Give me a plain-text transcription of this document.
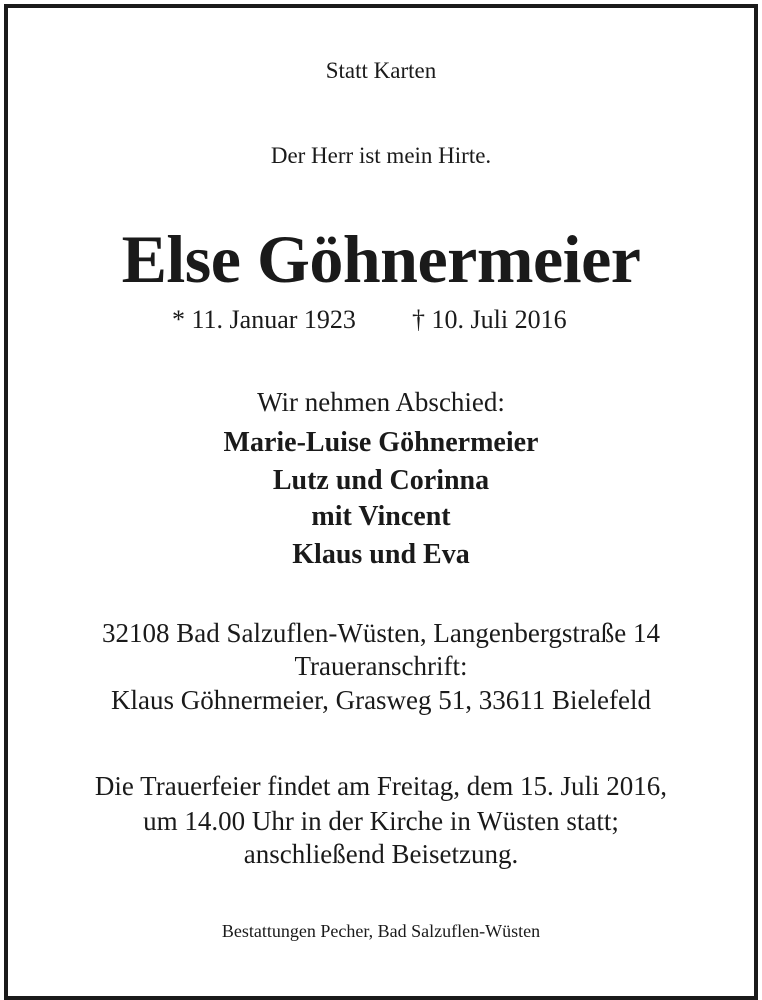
Statt Karten
Der Herr ist mein Hirte.
Else Göhnermeier
* 11. Januar 1923 † 10. Juli 2016
Wir nehmen Abschied:
Marie-Luise Göhnermeier
Lutz und Corinna
mit Vincent
Klaus und Eva
32108 Bad Salzuflen-Wüsten, Langenbergstraße 14
Traueranschrift:
Klaus Göhnermeier, Grasweg 51, 33611 Bielefeld
Die Trauerfeier findet am Freitag, dem 15. Juli 2016,
um 14.00 Uhr in der Kirche in Wüsten statt;
anschließend Beisetzung.
Bestattungen Pecher, Bad Salzuflen-Wüsten
